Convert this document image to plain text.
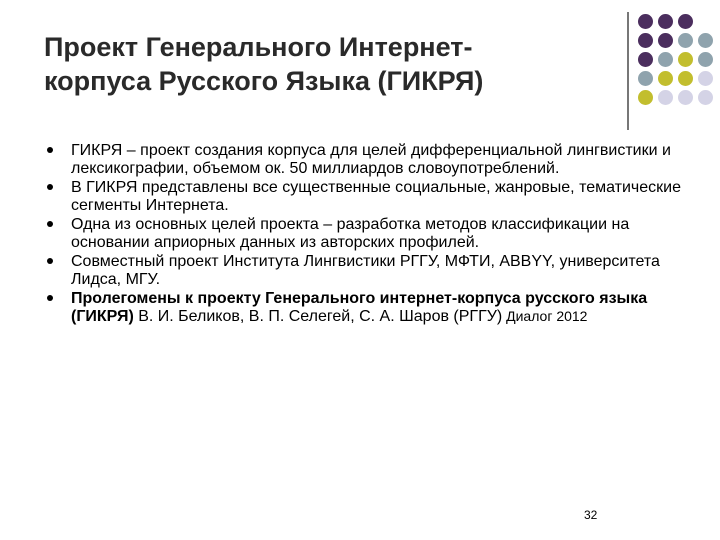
Проект Генерального Интернет-
корпуса Русского Языка (ГИКРЯ)
ГИКРЯ – проект создания корпуса для целей дифференциальной лингвистики и лексикографии, объемом ок. 50 миллиардов словоупотреблений.
В ГИКРЯ представлены все существенные социальные, жанровые, тематические сегменты Интернета.
Одна из основных целей проекта – разработка методов классификации на основании априорных данных из авторских профилей.
Совместный проект Института Лингвистики РГГУ, МФТИ, ABBYY, университета Лидса, МГУ.
Пролегомены к проекту Генерального интернет-корпуса русского языка (ГИКРЯ) В. И. Беликов, В. П. Селегей, С. А. Шаров (РГГУ) Диалог 2012
32
